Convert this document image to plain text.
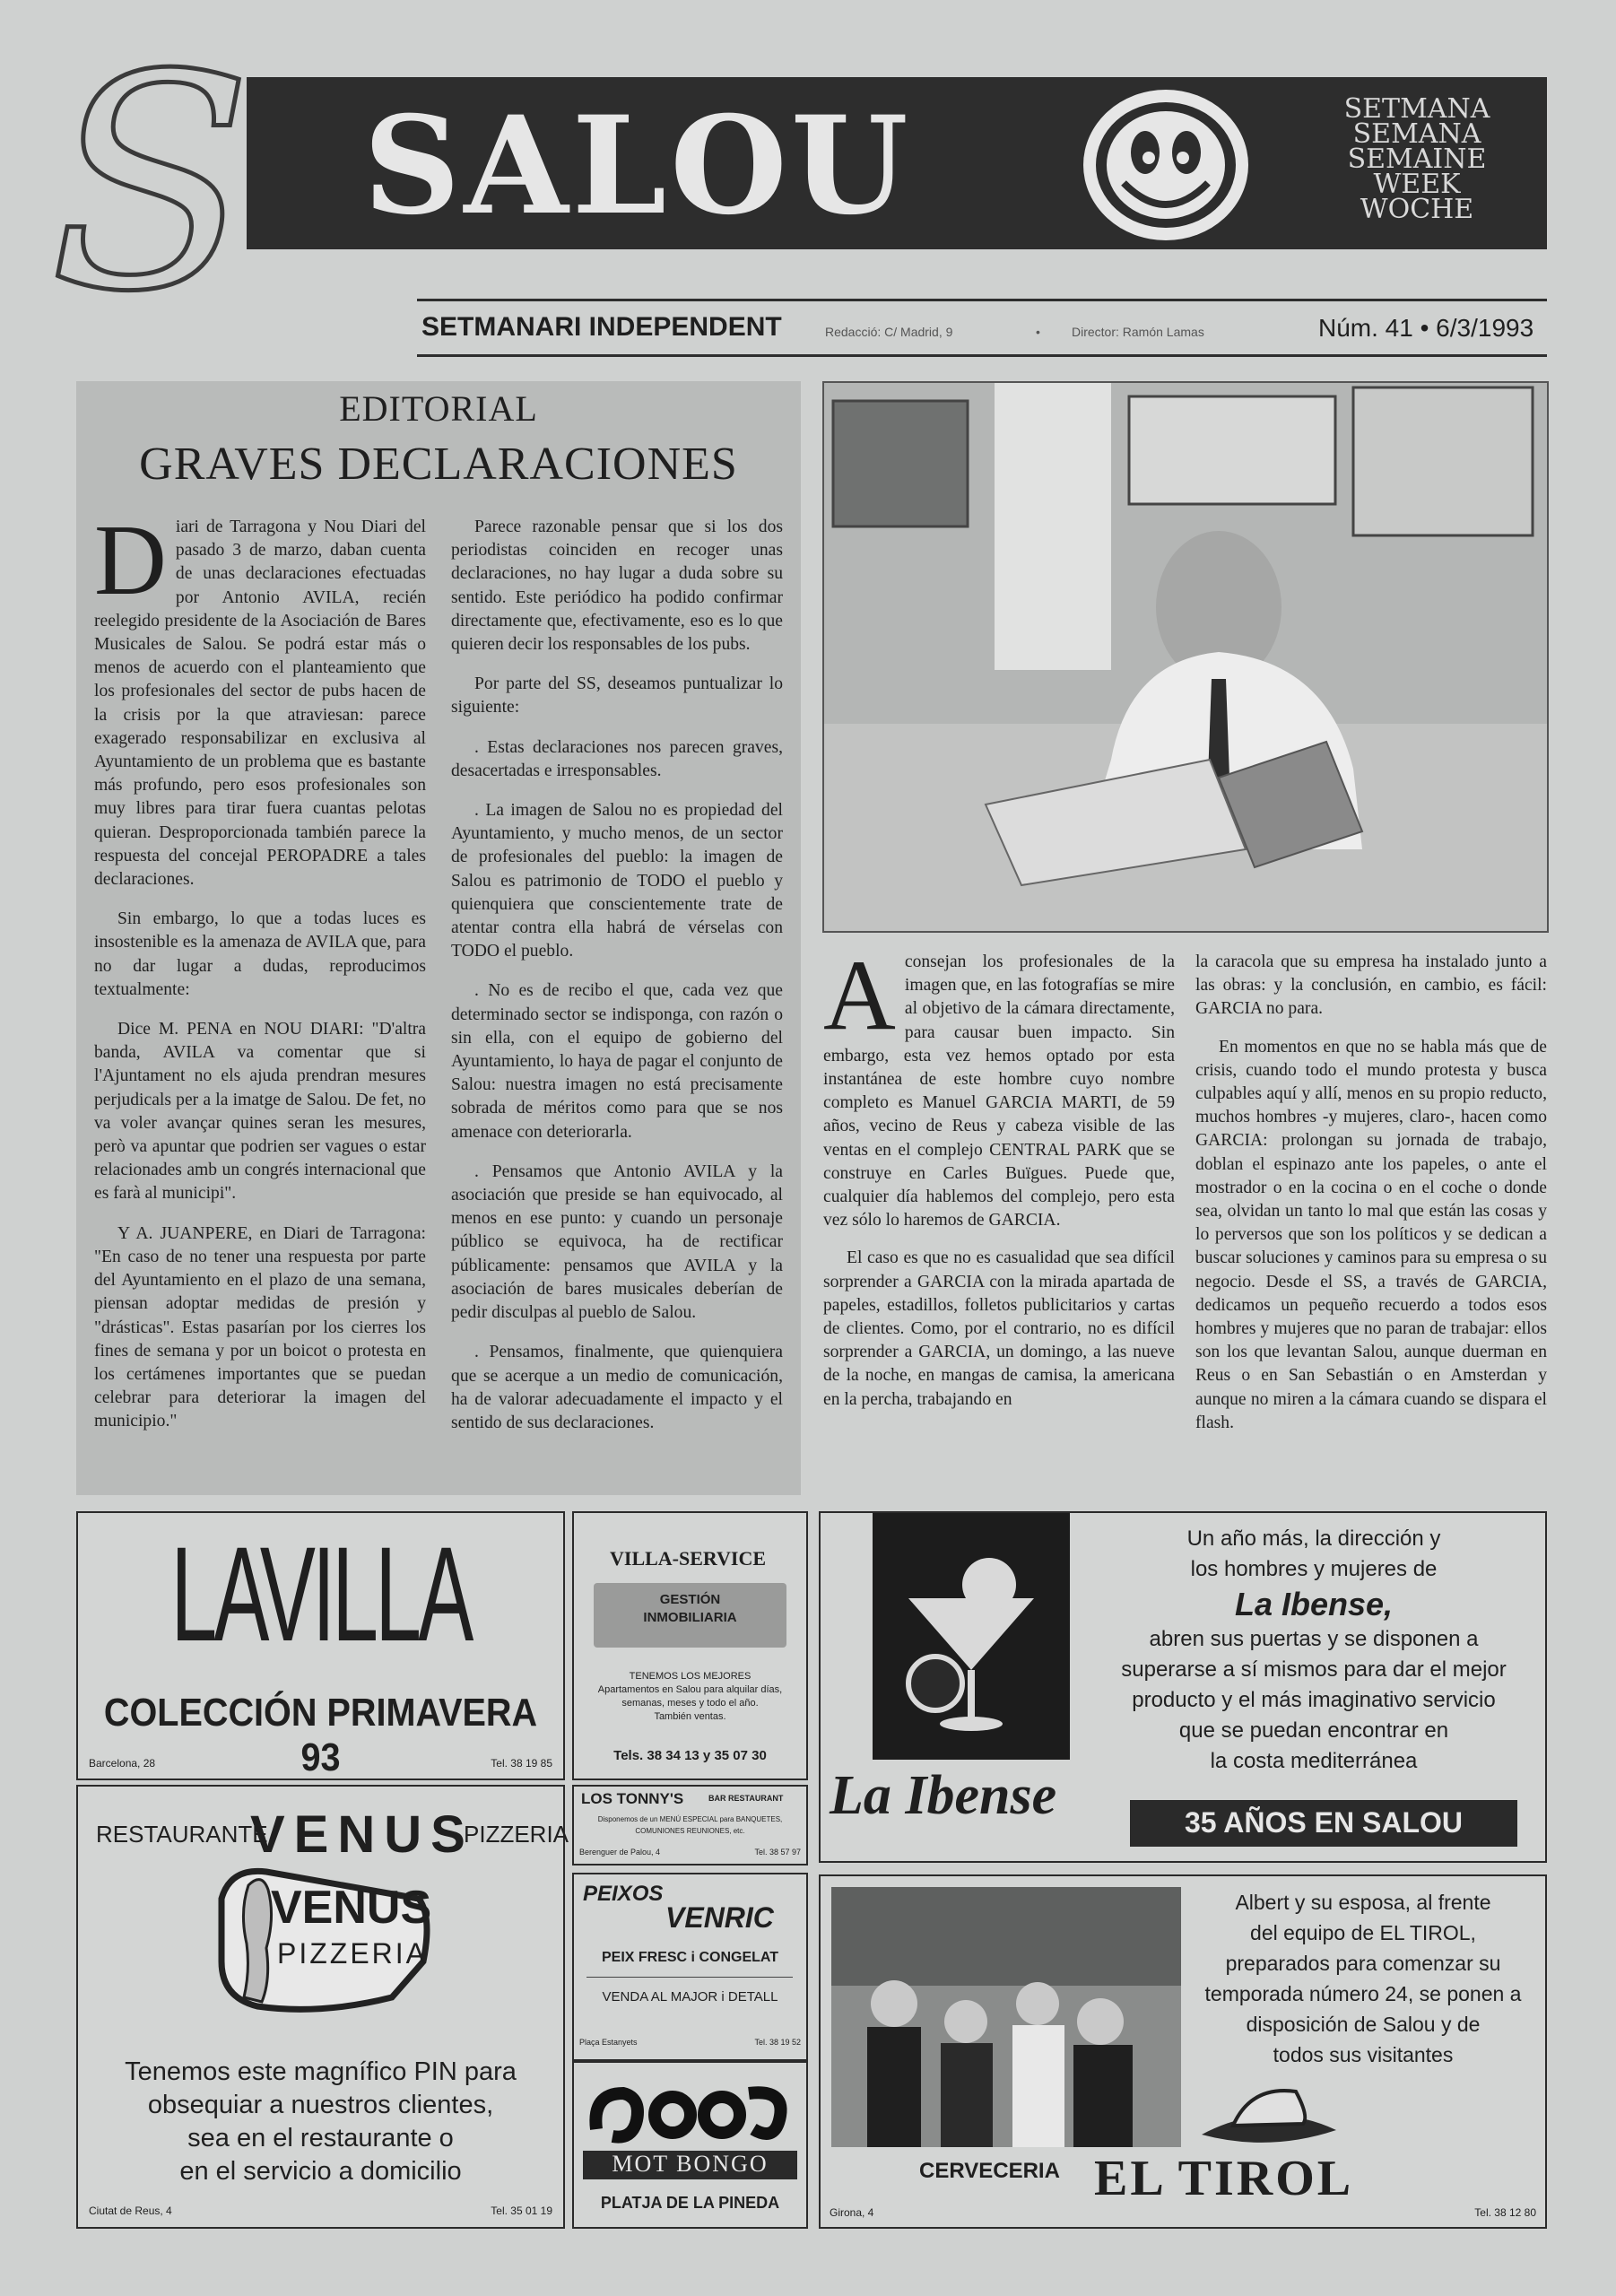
S SALOU	SETMANA
SEMANA
SEMAINE
WEEK
WOCHE
SETMANARI INDEPENDENT	Redacció: C/ Madrid, 9	•	Director: Ramón Lamas	Núm. 41 • 6/3/1993
EDITORIAL
GRAVES DECLARACIONES

Diari de Tarragona y Nou Diari del pasado 3 de marzo, daban cuenta de unas declaraciones efectuadas por Antonio AVILA, recién reelegido presidente de la Asociación de Bares Musicales de Salou. Se podrá estar más o menos de acuerdo con el planteamiento que los profesionales del sector de pubs hacen de la crisis por la que atraviesan: parece exagerado responsabilizar en exclusiva al Ayuntamiento de un problema que es bastante más profundo, pero esos profesionales son muy libres para tirar fuera cuantas pelotas quieran. Desproporcionada también parece la respuesta del concejal PEROPADRE a tales declaraciones.

Sin embargo, lo que a todas luces es insostenible es la amenaza de AVILA que, para no dar lugar a dudas, reproducimos textualmente:

Dice M. PENA en NOU DIARI: "D'altra banda, AVILA va comentar que si l'Ajuntament no els ajuda prendran mesures perjudicals per a la imatge de Salou. De fet, no va voler avançar quines seran les mesures, però va apuntar que podrien ser vagues o estar relacionades amb un congrés internacional que es farà al municipi".

Y A. JUANPERE, en Diari de Tarragona: "En caso de no tener una respuesta por parte del Ayuntamiento en el plazo de una semana, piensan adoptar medidas de presión y "drásticas". Estas pasarían por los cierres los fines de semana y por un boicot o protesta en los certámenes importantes que se puedan celebrar para deteriorar la imagen del municipio."

Parece razonable pensar que si los dos periodistas coinciden en recoger unas declaraciones, no hay lugar a duda sobre su sentido. Este periódico ha podido confirmar directamente que, efectivamente, eso es lo que quieren decir los responsables de los pubs.

Por parte del SS, deseamos puntualizar lo siguiente:

. Estas declaraciones nos parecen graves, desacertadas e irresponsables.

. La imagen de Salou no es propiedad del Ayuntamiento, y mucho menos, de un sector de profesionales del pueblo: la imagen de Salou es patrimonio de TODO el pueblo y quienquiera que conscientemente trate de atentar contra ella habrá de vérselas con TODO el pueblo.

. No es de recibo el que, cada vez que determinado sector se indisponga, con razón o sin ella, con el equipo de gobierno del Ayuntamiento, lo haya de pagar el conjunto de Salou: nuestra imagen no está precisamente sobrada de méritos como para que se nos amenace con deteriorarla.

. Pensamos que Antonio AVILA y la asociación que preside se han equivocado, al menos en ese punto: y cuando un personaje público se equivoca, ha de rectificar públicamente: pensamos que AVILA y la asociación de bares musicales deberían de pedir disculpas al pueblo de Salou.

. Pensamos, finalmente, que quienquiera que se acerque a un medio de comunicación, ha de valorar adecuadamente el impacto y el sentido de sus declaraciones.

Aconsejan los profesionales de la imagen que, en las fotografías se mire al objetivo de la cámara directamente, para causar buen impacto. Sin embargo, esta vez hemos optado por esta instantánea de este hombre cuyo nombre completo es Manuel GARCIA MARTI, de 59 años, vecino de Reus y cabeza visible de las ventas en el complejo CENTRAL PARK que se construye en Carles Buïgues. Puede que, cualquier día hablemos del complejo, pero esta vez sólo lo haremos de GARCIA.

El caso es que no es casualidad que sea difícil sorprender a GARCIA con la mirada apartada de papeles, estadillos, folletos publicitarios y cartas de clientes. Como, por el contrario, no es difícil sorprender a GARCIA, un domingo, a las nueve de la noche, en mangas de camisa, la americana en la percha, trabajando en

la caracola que su empresa ha instalado junto a las obras: y la conclusión, en cambio, es fácil: GARCIA no para.

En momentos en que no se habla más que de crisis, cuando todo el mundo protesta y busca culpables aquí y allí, menos en su propio reducto, muchos hombres -y mujeres, claro-, hacen como GARCIA: prolongan su jornada de trabajo, doblan el espinazo ante los papeles, o ante el mostrador o en la cocina o en el coche o donde sea, olvidan un tanto lo mal que están las cosas y lo perversos que son los políticos y se dedican a buscar soluciones y caminos para su empresa o su negocio. Desde el SS, a través de GARCIA, dedicamos un pequeño recuerdo a todos esos hombres y mujeres que no paran de trabajar: ellos son los que levantan Salou, aunque duerman en Reus o en San Sebastián o en Amsterdan y aunque no miren a la cámara cuando se dispara el flash.

LAVILLA
COLECCIÓN PRIMAVERA 93
Barcelona, 28	Tel. 38 19 85
RESTAURANTE
VENUS
PIZZERIA
VENUS
PIZZERIA
Tenemos este magnífico PIN para
obsequiar a nuestros clientes,
sea en el restaurante o
en el servicio a domicilio
Ciutat de Reus, 4	Tel. 35 01 19
VILLA-SERVICE
GESTIÓN
INMOBILIARIA
TENEMOS LOS MEJORES
Apartamentos en Salou para alquilar días,
semanas, meses y todo el año.
También ventas.
Tels. 38 34 13 y 35 07 30
LOS TONNY'S	BAR RESTAURANT
Disponemos de un MENÚ ESPECIAL para BANQUETES,
COMUNIONES REUNIONES, etc.
Berenguer de Palou, 4	Tel. 38 57 97
PEIXOS
VENRIC
PEIX FRESC i CONGELAT
VENDA AL MAJOR i DETALL
Plaça Estanyets	Tel. 38 19 52
MOT BONGO
PLATJA DE LA PINEDA
La Ibense
Un año más, la dirección y
los hombres y mujeres de
La Ibense,
abren sus puertas y se disponen a
superarse a sí mismos para dar el mejor
producto y el más imaginativo servicio
que se puedan encontrar en
la costa mediterránea
35 AÑOS EN SALOU
Albert y su esposa, al frente
del equipo de EL TIROL,
preparados para comenzar su
temporada número 24, se ponen a
disposición de Salou y de
todos sus visitantes
CERVECERIA EL TIROL
Girona, 4	Tel. 38 12 80
